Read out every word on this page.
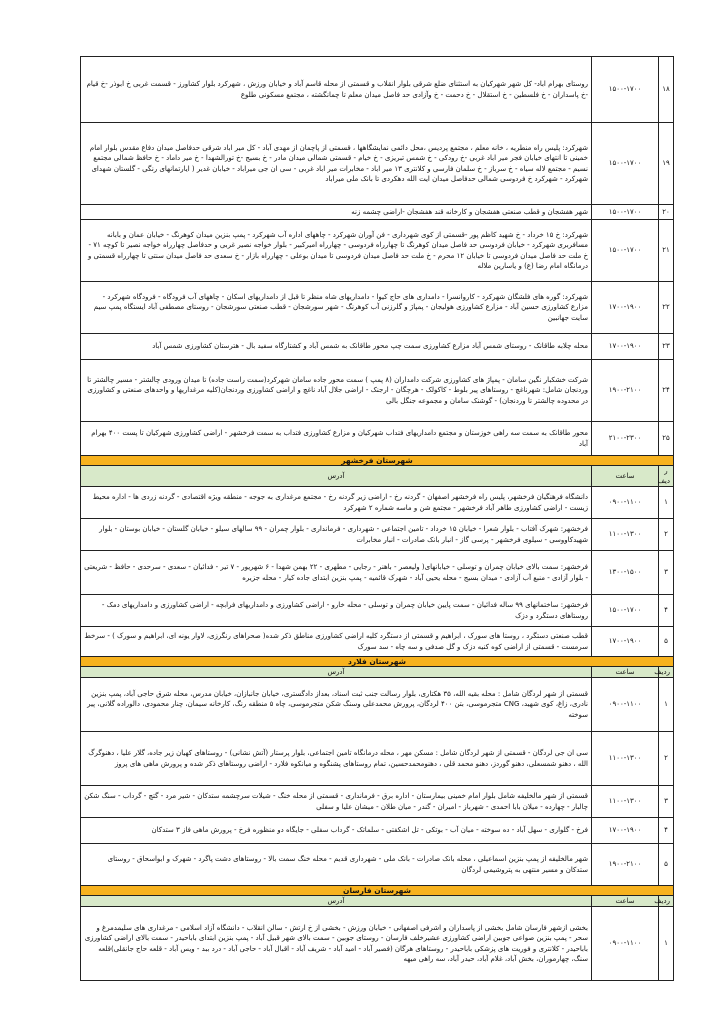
۱۸	۱۵۰۰-۱۷۰۰	روستای بهرام اباد- کل شهر شهرکیان به استثنای ضلع شرقی بلوار انقلاب و قسمتی از محله قاسم آباد و خیابان ورزش ، شهرکرد بلوار کشاورز - قسمت غربی خ ابوذر -خ قیام -خ پاسداران - خ فلسطین - خ استقلال - خ دحمت - خ وآزادی حد فاصل میدان معلم تا چمانگشته ، مجتمع مسکونی طلوع
۱۹	۱۵۰۰-۱۷۰۰	شهرکرد: پلیس راه منطریه ، خانه معلم ، مجتمع پردیس ،محل دائمی نمایشگاهها ، قسمتی از پاچمان از مهدی آباد - کل میر اباد شرقی حدفاصل میدان دفاع مقدس بلوار امام خمینی تا انتهای خیابان فجر میر اباد غربی -خ رودکی - خ شمس تبریزی - خ خیام - قسمتی شمالی میدان مادر - خ بسیج -خ تورالشهدا - خ میر داماد - خ حافظ شمالی مجتمع نسیم - مجتمع لاله سیاه - خ سرباز - خ سلمان فارسی و کلانتری ۱۳ میر اباد - مخابرات میر اباد غربی - سی ان جی میراباد - خیابان غدیر ( ایارتمانهای رنگی - گلستان شهدای شهرکرد - شهرکرد خ فردوسی شمالی حدفاصل میدان ایت الله دهکردی تا بانک ملی میراباد
۲۰	۱۵۰۰-۱۷۰۰	شهر هفشجان و قطب صنعتی هفشجان و کارخانه قند هفشجان -اراضی چشمه زنه
۲۱	۱۵۰۰-۱۷۰۰	شهرکرد: خ ۱۵ خرداد - خ شهید کاظم پور -قسمتی از کوی شهرداری - فن آوران شهرکرد - چاههای اداره آب شهرکرد - پمپ بنزین میدان کوهرنگ - خیابان عمان و بابانه مسافربری شهرکرد - خیابان فردوسی حد فاصل میدان کوهرنگ تا چهارراه فردوسی - چهارراه امیرکبیر - بلوار خواجه نصیر غربی و حدفاصل چهارراه خواجه نصیر تا کوچه ۷۱ - خ ملت حد فاصل میدان فردوسی تا خیابان ۱۲ محرم - خ ملت حد فاصل میدان فردوسی تا میدان بوعلی - چهارراه بازار - خ سعدی حد فاصل میدان سنتی تا چهارراه قسمتی و درمانگاه امام رضا (ع) و یاسارین ملاله
۲۲	۱۷۰۰-۱۹۰۰	شهرکرد: گوره های فلشگان شهرکرد - کاروانسرا - دامداری های حاج کیوا - دامداریهای شاه منظر تا قبل از دامداریهای اسکان - چاههای آب فرودگاه - فرودگاه شهرکرد - مزارع کشاورزی حسین آباد - مزارع کشاورزی هولیجان - پمپاژ و گلرزنی آب کوهرنگ - شهر سورشجان - قطب صنعتی سورشجان - روستای مصطفی آباد ایستگاه پمپ سیم سایت جهانبین
۲۳	۱۷۰۰-۱۹۰۰	محله چلابه طاقانک - روستای شمس آباد مزارع کشاورزی سمت چپ محور طاقانک به شمس آباد و کشتارگاه سفید بال - هترستان کشاورزی شمس آباد
۲۴	۱۹۰۰-۲۱۰۰	شرکت خشکبار نگین سامان - پمپاژ های کشاورزی شرکت دامداران (۸ پمپ ) سمت محور جاده سامان شهرکرد(سمت راست جاده) تا میدان ورودی چالشتر - مسیر چالشتر تا وردنجان شامل: شهرناغچ - روستاهای پیر بلوط - کاکولک - هرچگان - ارجنک - اراضی جلال آباد ناغچ و اراضی کشاورزی وردنجان(کلیه مرغداریها و واحدهای صنعتی و کشاورزی در محدوده چالشتر تا وردنجان) - گوشنک سامان و مجموعه جنگل بالی
۲۵	۲۱۰۰-۲۳۰۰	محور طاقانک به سمت سه راهی خوزستان و مجتمع دامداریهای فتداب شهرکیان و مزارع کشاورزی فتداب به سمت فرخشهر - اراضی کشاورزی شهرکیان تا پست ۴۰۰ بهرام آباد
شهرستان فرخشهر		
ر دیف	ساعت	آدرس
۱	۰۹۰۰-۱۱۰۰	دانشگاه فرهنگیان فرخشهر، پلیس راه فرخشهر اصفهان - گردنه رخ - اراضی زیر گردنه رخ - مجتمع مرغداری به جوجه - منطقه ویژه اقتصادی - گردنه زردی ها - اداره محیط زیست - اراضی کشاورزی طاهر آباد فرخشهر - مجتمع شن و ماسه شماره ۲ شهرکرد
۲	۱۱۰۰-۱۳۰۰	فرخشهر: شهرک آفتاب - بلوار شعرا - خیابان ۱۵ خرداد - تامین اجتماعی - شهرداری - فرمانداری - بلوار چمران - ۹۹ سالهای سیلو - خیابان گلستان - خیابان بوستان - بلوار شهیدکاووسی - سیلوی فرخشهر - پرسی گاز - انبار بانک صادرات - انبار مخابرات
۳	۱۳۰۰-۱۵۰۰	فرخشهر: سمت بالای خیابان چمران و توسلی - خیابانهای( ولیعصر - باهنر - رجایی - مطهری - ۲۲ بهمن شهدا - ۶ شهریور - ۷ تیر - فدائیان - سعدی - سرحدی - حافظ - شریعتی - بلوار آزادی - منبع آب آزادی - میدان بسیج - محله یحیی آباد - شهرک قائمیه - پمپ بنزین ابتدای جاده کیار - محله جزیره
۴	۱۵۰۰-۱۷۰۰	فرخشهر: ساختمانهای ۹۹ ساله فدائیان - سمت پایین خیابان چمران و توسلی - محله خارو - اراضی کشاورزی و دامداریهای فرابچه - اراضی کشاورزی و دامداریهای دمک - روستاهای دستگرد و دزک
۵	۱۷۰۰-۱۹۰۰	قطب صنعتی دستگرد ، روستا های سورک ، ابراهیم و قسمتی از دستگرد کلیه اراضی کشاورزی مناطق ذکر شده( صحراهای رنگرزی، لاوار یونه ای، ابراهیم و سورک ) - سرخط سرمست - قسمتی از اراضی کوه کنیه دزک و گل صدفی و سه چاه - سد سورک
شهرستان فلارد		
ردیف	ساعت	آدرس
۱	۰۹۰۰-۱۱۰۰	قسمتی از شهر لردگان شامل : محله بقیه الله، ۳۵ هکتاری، بلوار رسالت جنب ثبت اسناد، بعداز دادگستری، خیابان جانبازان، خیابان مدرس، محله شرق حاجی آباد، پمپ بنزین نادری، زاغ، کوی شهید، CNG متجرموسی، بتن ۴۰۰ لردگان، پرورش محمدعلی وسنگ شکن متجرموسی، چاه ۵ منطقه رنگ، کارخانه سیمان، چنار محمودی، دالوراده گلانی، پیر سوخته
۲	۱۱۰۰-۱۳۰۰	سی ان جی لردگان - قسمتی از شهر لردگان شامل : مسکن مهر ، محله درمانگاه تامین اجتماعی، بلوار پرستار (آتش نشانی) - روستاهای کهیان زیر جاده، گلار علیا ، دهنوگرگ الله ، دهنو شمسعلی، دهنو گوردز، دهنو محمد قلی ، دهنومحمدحسین، تمام روستاهای پشنگوه و میانکوه فلارد - اراضی روستاهای ذکر شده و پرورش ماهی های پروز
۳	۱۱۰۰-۱۳۰۰	قسمتی از شهر مالخلیفه شامل بلوار امام خمینی بیمارستان - اداره برق - فرمانداری - قسمتی از محله خنگ - شیلات سرچشمه ستدکان - شیر مرد - گتچ - گرداب - سنگ شکن چالبار - چهارده - میلان بابا احمدی - شهرباز - امیران - گندر - میان طلان - میشان علیا و سفلی
۴	۱۷۰۰-۱۹۰۰	فرخ - گلواری - سهل آباد - ده سوخته - میان آب - بوتکی - تل اشکفتی - سلماتک - گرداب سفلی - جایگاه دو منظوره فرخ - پرورش ماهی فاز ۳ ستدکان
۵	۱۹۰۰-۲۱۰۰	شهر مالخلیفه از پمپ بنزین اسماعیلی ، محله بانک صادرات - بانک ملی - شهرداری قدیم - محله خنگ سمت بالا - روستاهای دشت پاگرد - شهرک و ابواسحاق - روستای ستدکان و مسیر منتهی به پتروشیمی لردگان
شهرستان فارسان		
ردیف	ساعت	آدرس
۱	۰۹۰۰-۱۱۰۰	بخشی ازشهر فارسان شامل بخشی از پاسداران و اشرفی اصفهانی - خیابان ورزش - بخشی از خ ارتش - سالن انقلاب - دانشگاه آزاد اسلامی - مرغداری های سلیمدمرغ و سحر - پمپ بنزین صواعی جوبین اراضی کشاورزی عشیرخلف فارسان - روستای جوبین - سمت بالای شهر قبیل آباد - پمپ بنزین ابتدای باباحیدر - سمت بالای اراضی کشاورزی باباحیدر - کلانتری و فوریت های پزشکی باباحیدر - روستاهای هرگان (فصیر آباد - امید آباد - شریف آباد - اقبال آباد - حاجی آباد - درد ببد - ویس آباد - قلعه حاج جانقلی)قلعه سنگ، چهارموران، بخش آباد، غلام آباد، حیدر آباد، سه راهی میهه
